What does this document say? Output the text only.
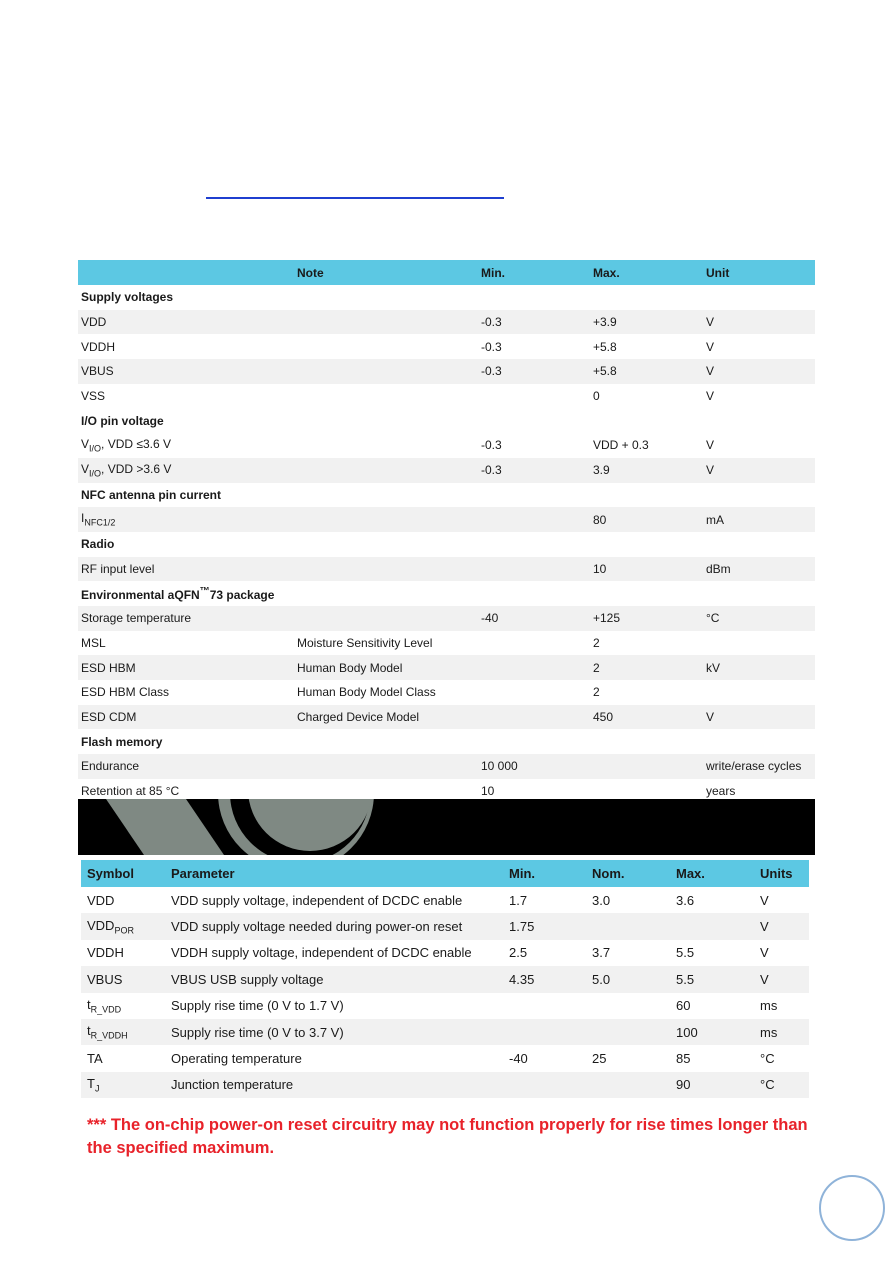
	Note	Min.	Max.	Unit
Supply voltages				
VDD		-0.3	+3.9	V
VDDH		-0.3	+5.8	V
VBUS		-0.3	+5.8	V
VSS			0	V
I/O pin voltage				
$V_{I/O}$, VDD ≤3.6 V		-0.3	VDD + 0.3	V
$V_{I/O}$, VDD >3.6 V		-0.3	3.9	V
NFC antenna pin current				
$I_{NFC1/2}$			80	mA
Radio				
RF input level			10	dBm
Environmental aQFN™73 package				
Storage temperature		-40	+125	°C
MSL	Moisture Sensitivity Level		2	
ESD HBM	Human Body Model		2	kV
ESD HBM Class	Human Body Model Class		2	
ESD CDM	Charged Device Model		450	V
Flash memory				
Endurance		10 000		write/erase cycles
Retention at 85 °C		10		years
Symbol	Parameter	Min.	Nom.	Max.	Units
VDD	VDD supply voltage, independent of DCDC enable	1.7	3.0	3.6	V
$VDD_{POR}$	VDD supply voltage needed during power-on reset	1.75			V
VDDH	VDDH supply voltage, independent of DCDC enable	2.5	3.7	5.5	V
VBUS	VBUS USB supply voltage	4.35	5.0	5.5	V
$t_{R\_VDD}$	Supply rise time (0 V to 1.7 V)			60	ms
$t_{R\_VDDH}$	Supply rise time (0 V to 3.7 V)			100	ms
TA	Operating temperature	-40	25	85	°C
$T_J$	Junction temperature			90	°C
*** The on-chip power-on reset circuitry may not function properly for rise times longer than the specified maximum.
